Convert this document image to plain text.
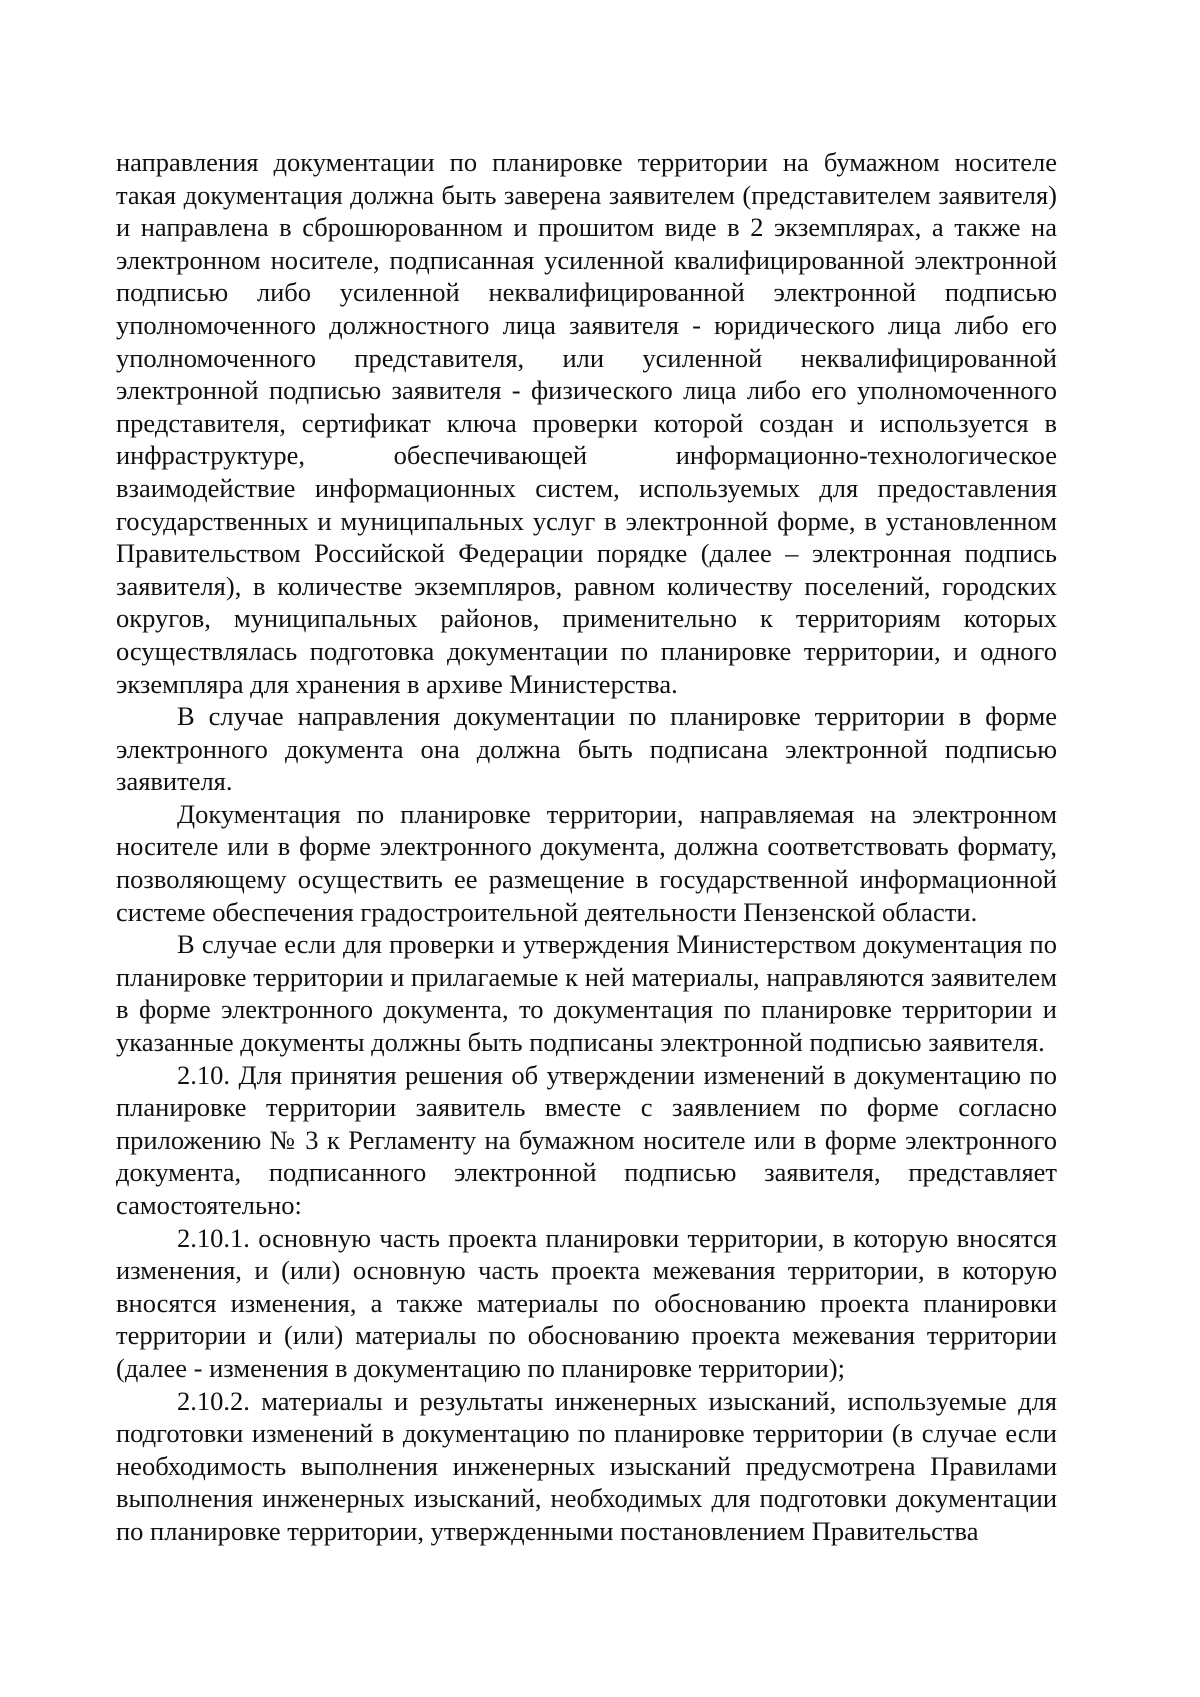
направления документации по планировке территории на бумажном носителе такая документация должна быть заверена заявителем (представителем заявителя) и направлена в сброшюрованном и прошитом виде в 2 экземплярах, а также на электронном носителе, подписанная усиленной квалифицированной электронной подписью либо усиленной неквалифицированной электронной подписью уполномоченного должностного лица заявителя - юридического лица либо его уполномоченного представителя, или усиленной неквалифицированной электронной подписью заявителя - физического лица либо его уполномоченного представителя, сертификат ключа проверки которой создан и используется в инфраструктуре, обеспечивающей информационно-технологическое взаимодействие информационных систем, используемых для предоставления государственных и муниципальных услуг в электронной форме, в установленном Правительством Российской Федерации порядке (далее – электронная подпись заявителя), в количестве экземпляров, равном количеству поселений, городских округов, муниципальных районов, применительно к территориям которых осуществлялась подготовка документации по планировке территории, и одного экземпляра для хранения в архиве Министерства.

В случае направления документации по планировке территории в форме электронного документа она должна быть подписана электронной подписью заявителя.

Документация по планировке территории, направляемая на электронном носителе или в форме электронного документа, должна соответствовать формату, позволяющему осуществить ее размещение в государственной информационной системе обеспечения градостроительной деятельности Пензенской области.

В случае если для проверки и утверждения Министерством документация по планировке территории и прилагаемые к ней материалы, направляются заявителем в форме электронного документа, то документация по планировке территории и указанные документы должны быть подписаны электронной подписью заявителя.

2.10. Для принятия решения об утверждении изменений в документацию по планировке территории заявитель вместе с заявлением по форме согласно приложению № 3 к Регламенту на бумажном носителе или в форме электронного документа, подписанного электронной подписью заявителя, представляет самостоятельно:

2.10.1. основную часть проекта планировки территории, в которую вносятся изменения, и (или) основную часть проекта межевания территории, в которую вносятся изменения, а также материалы по обоснованию проекта планировки территории и (или) материалы по обоснованию проекта межевания территории (далее - изменения в документацию по планировке территории);

2.10.2. материалы и результаты инженерных изысканий, используемые для подготовки изменений в документацию по планировке территории (в случае если необходимость выполнения инженерных изысканий предусмотрена Правилами выполнения инженерных изысканий, необходимых для подготовки документации по планировке территории, утвержденными постановлением Правительства
